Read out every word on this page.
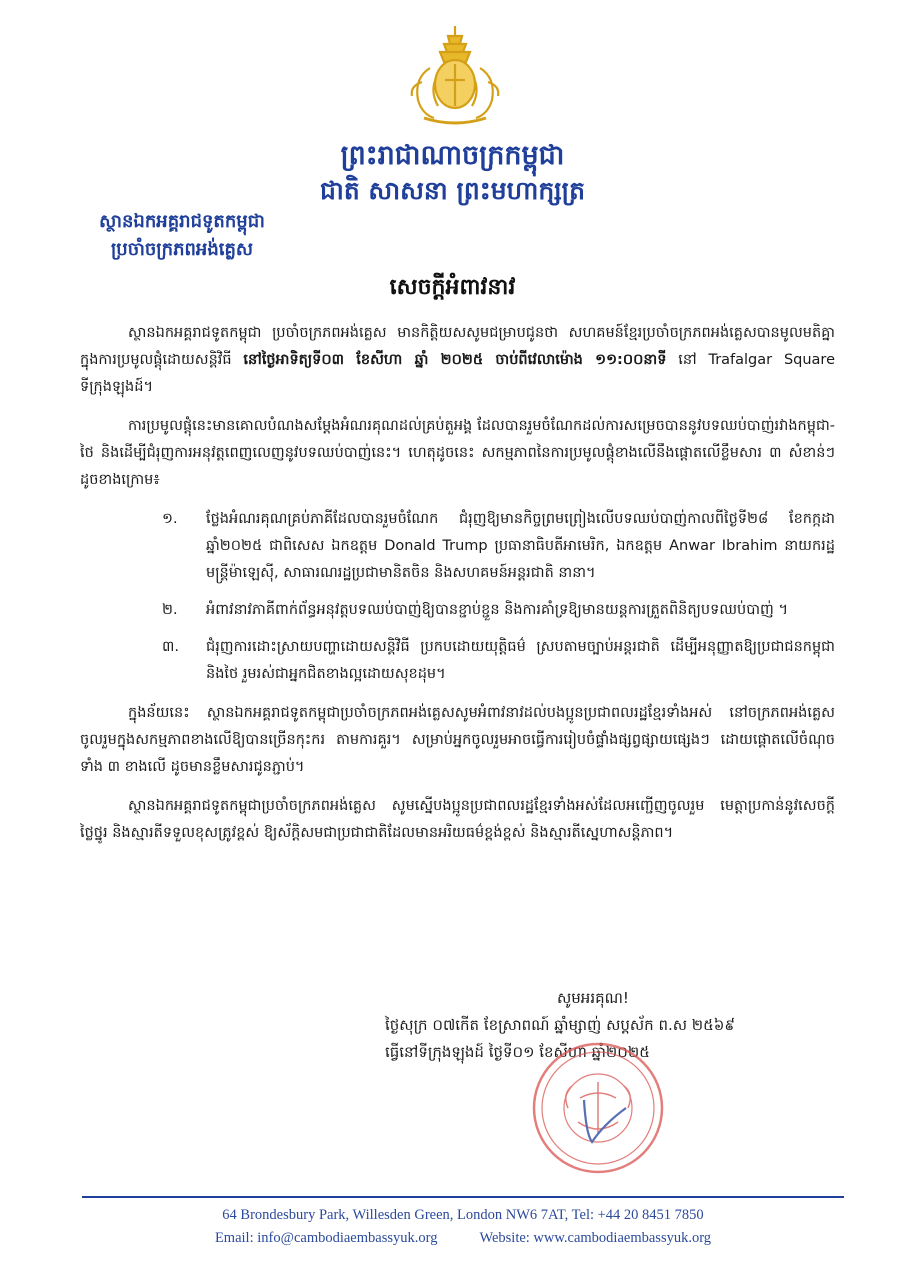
ព្រះរាជាណាចក្រកម្ពុជា
ជាតិ សាសនា ព្រះមហាក្សត្រ
ស្ថានឯកអគ្គរាជទូតកម្ពុជា
ប្រចាំចក្រភពអង់គ្លេស
សេចក្តីអំពាវនាវ

ស្ថានឯកអគ្គរាជទូតកម្ពុជា ប្រចាំចក្រភពអង់គ្លេស មានកិត្តិយសសូមជម្រាបជូនថា សហគមន៍ខ្មែរប្រចាំចក្រភពអង់គ្លេសបានមូលមតិគ្នាក្នុងការប្រមូលផ្តុំដោយសន្តិវិធី នៅថ្ងៃអាទិត្យទី០៣ ខែសីហា ឆ្នាំ ២០២៥ ចាប់ពីវេលាម៉ោង ១១:០០នាទី នៅ Trafalgar Square ទីក្រុងឡុងដ៍។

ការប្រមូលផ្តុំនេះមានគោលបំណងសម្តែងអំណរគុណដល់គ្រប់តួអង្គ ដែលបានរួមចំណែកដល់ការសម្រេចបាននូវបទឈប់បាញ់រវាងកម្ពុជា-ថៃ និងដើម្បីជំរុញការអនុវត្តពេញលេញនូវបទឈប់បាញ់នេះ។ ហេតុដូចនេះ សកម្មភាពនៃការប្រមូលផ្តុំខាងលើនឹងផ្តោតលើខ្លឹមសារ ៣ សំខាន់ៗ ដូចខាងក្រោម៖

១.	ថ្លែងអំណរគុណគ្រប់ភាគីដែលបានរួមចំណែក ជំរុញឱ្យមានកិច្ចព្រមព្រៀងលើបទឈប់បាញ់កាលពីថ្ងៃទី២៨ ខែកក្កដា ឆ្នាំ២០២៥ ជាពិសេស ឯកឧត្តម Donald Trump ប្រធានាធិបតីអាមេរិក, ឯកឧត្តម Anwar Ibrahim នាយករដ្ឋមន្ត្រីម៉ាឡេស៊ី, សាធារណរដ្ឋប្រជាមានិតចិន និងសហគមន៍អន្តរជាតិ នានា។
២.	អំពាវនាវភាគីពាក់ព័ន្ធអនុវត្តបទឈប់បាញ់ឱ្យបានខ្ជាប់ខ្ជួន និងការគាំទ្រឱ្យមានយន្តការត្រួតពិនិត្យបទឈប់បាញ់ ។
៣.	ជំរុញការដោះស្រាយបញ្ហាដោយសន្តិវិធី ប្រកបដោយយុត្តិធម៌ ស្របតាមច្បាប់អន្តរជាតិ ដើម្បីអនុញ្ញាតឱ្យប្រជាជនកម្ពុជា និងថៃ រួមរស់ជាអ្នកជិតខាងល្អដោយសុខដុម។

ក្នុងន័យនេះ ស្ថានឯកអគ្គរាជទូតកម្ពុជាប្រចាំចក្រភពអង់គ្លេសសូមអំពាវនាវដល់បងប្អូនប្រជាពលរដ្ឋខ្មែរទាំងអស់ នៅចក្រភពអង់គ្លេស ចូលរួមក្នុងសកម្មភាពខាងលើឱ្យបានច្រើនកុះករ តាមការគួរ។ សម្រាប់អ្នកចូលរួមអាចធ្វើការរៀបចំផ្ទាំងផ្សព្វផ្សាយផ្សេងៗ ដោយផ្តោតលើចំណុចទាំង ៣ ខាងលើ ដូចមានខ្លឹមសារជូនភ្ជាប់។

ស្ថានឯកអគ្គរាជទូតកម្ពុជាប្រចាំចក្រភពអង់គ្លេស សូមស្នើបងប្អូនប្រជាពលរដ្ឋខ្មែរទាំងអស់ដែលអញ្ជើញចូលរួម មេត្តាប្រកាន់នូវសេចក្តីថ្លៃថ្នូរ និងស្មារតីទទួលខុសត្រូវខ្ពស់ ឱ្យស័ក្តិសមជាប្រជាជាតិដែលមានអរិយធម៌ខ្ពង់ខ្ពស់ និងស្មារតីស្នេហាសន្តិភាព។

សូមអរគុណ!
ថ្ងៃសុក្រ ០៧កើត ខែស្រាពណ៍ ឆ្នាំម្សាញ់ សប្តស័ក ព.ស ២៥៦៩
ធ្វើនៅទីក្រុងឡុងដ៍ ថ្ងៃទី០១ ខែសីហា ឆ្នាំ២០២៥
64 Brondesbury Park, Willesden Green, London NW6 7AT, Tel: +44 20 8451 7850
Email: info@cambodiaembassyuk.org	Website: www.cambodiaembassyuk.org
